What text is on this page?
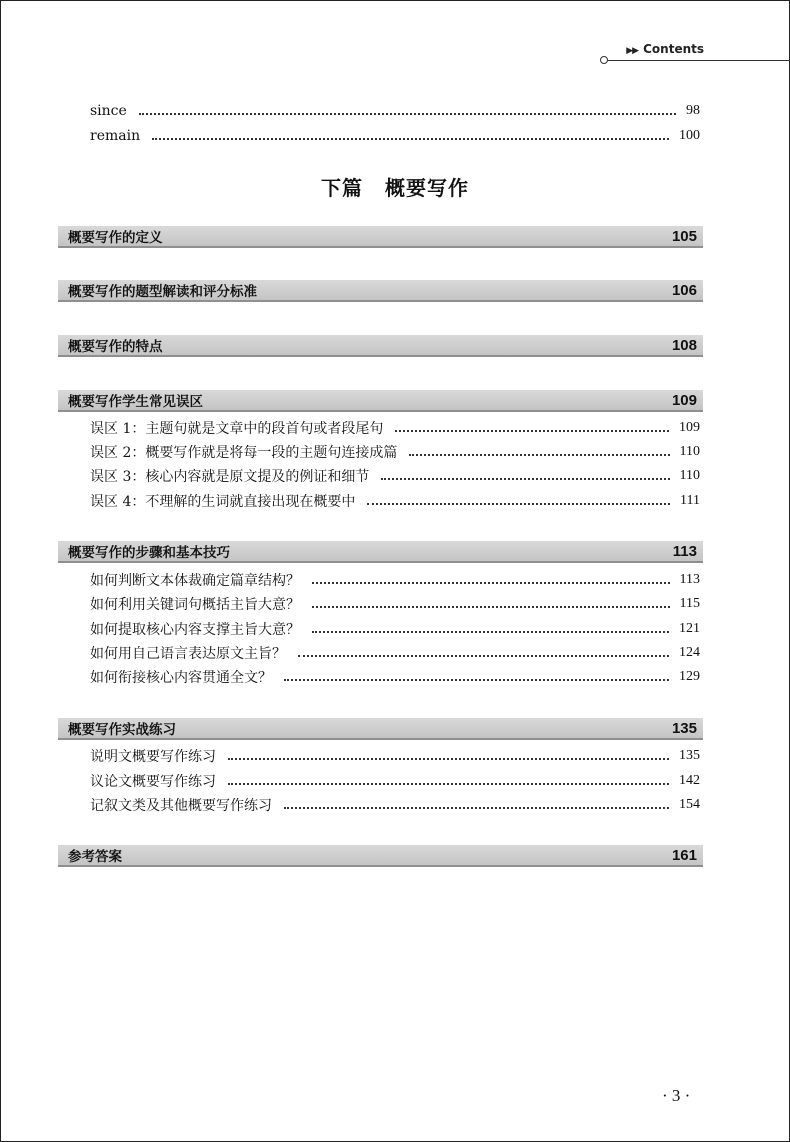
▶▶ Contents
since	98
remain	100
下篇 概要写作
概要写作的定义	105
概要写作的题型解读和评分标准	106
概要写作的特点	108
概要写作学生常见误区	109
误区 1：主题句就是文章中的段首句或者段尾句	109
误区 2：概要写作就是将每一段的主题句连接成篇	110
误区 3：核心内容就是原文提及的例证和细节	110
误区 4：不理解的生词就直接出现在概要中	111
概要写作的步骤和基本技巧	113
如何判断文本体裁确定篇章结构？	113
如何利用关键词句概括主旨大意？	115
如何提取核心内容支撑主旨大意？	121
如何用自己语言表达原文主旨？	124
如何衔接核心内容贯通全文？	129
概要写作实战练习	135
说明文概要写作练习	135
议论文概要写作练习	142
记叙文类及其他概要写作练习	154
参考答案	161
· 3 ·
